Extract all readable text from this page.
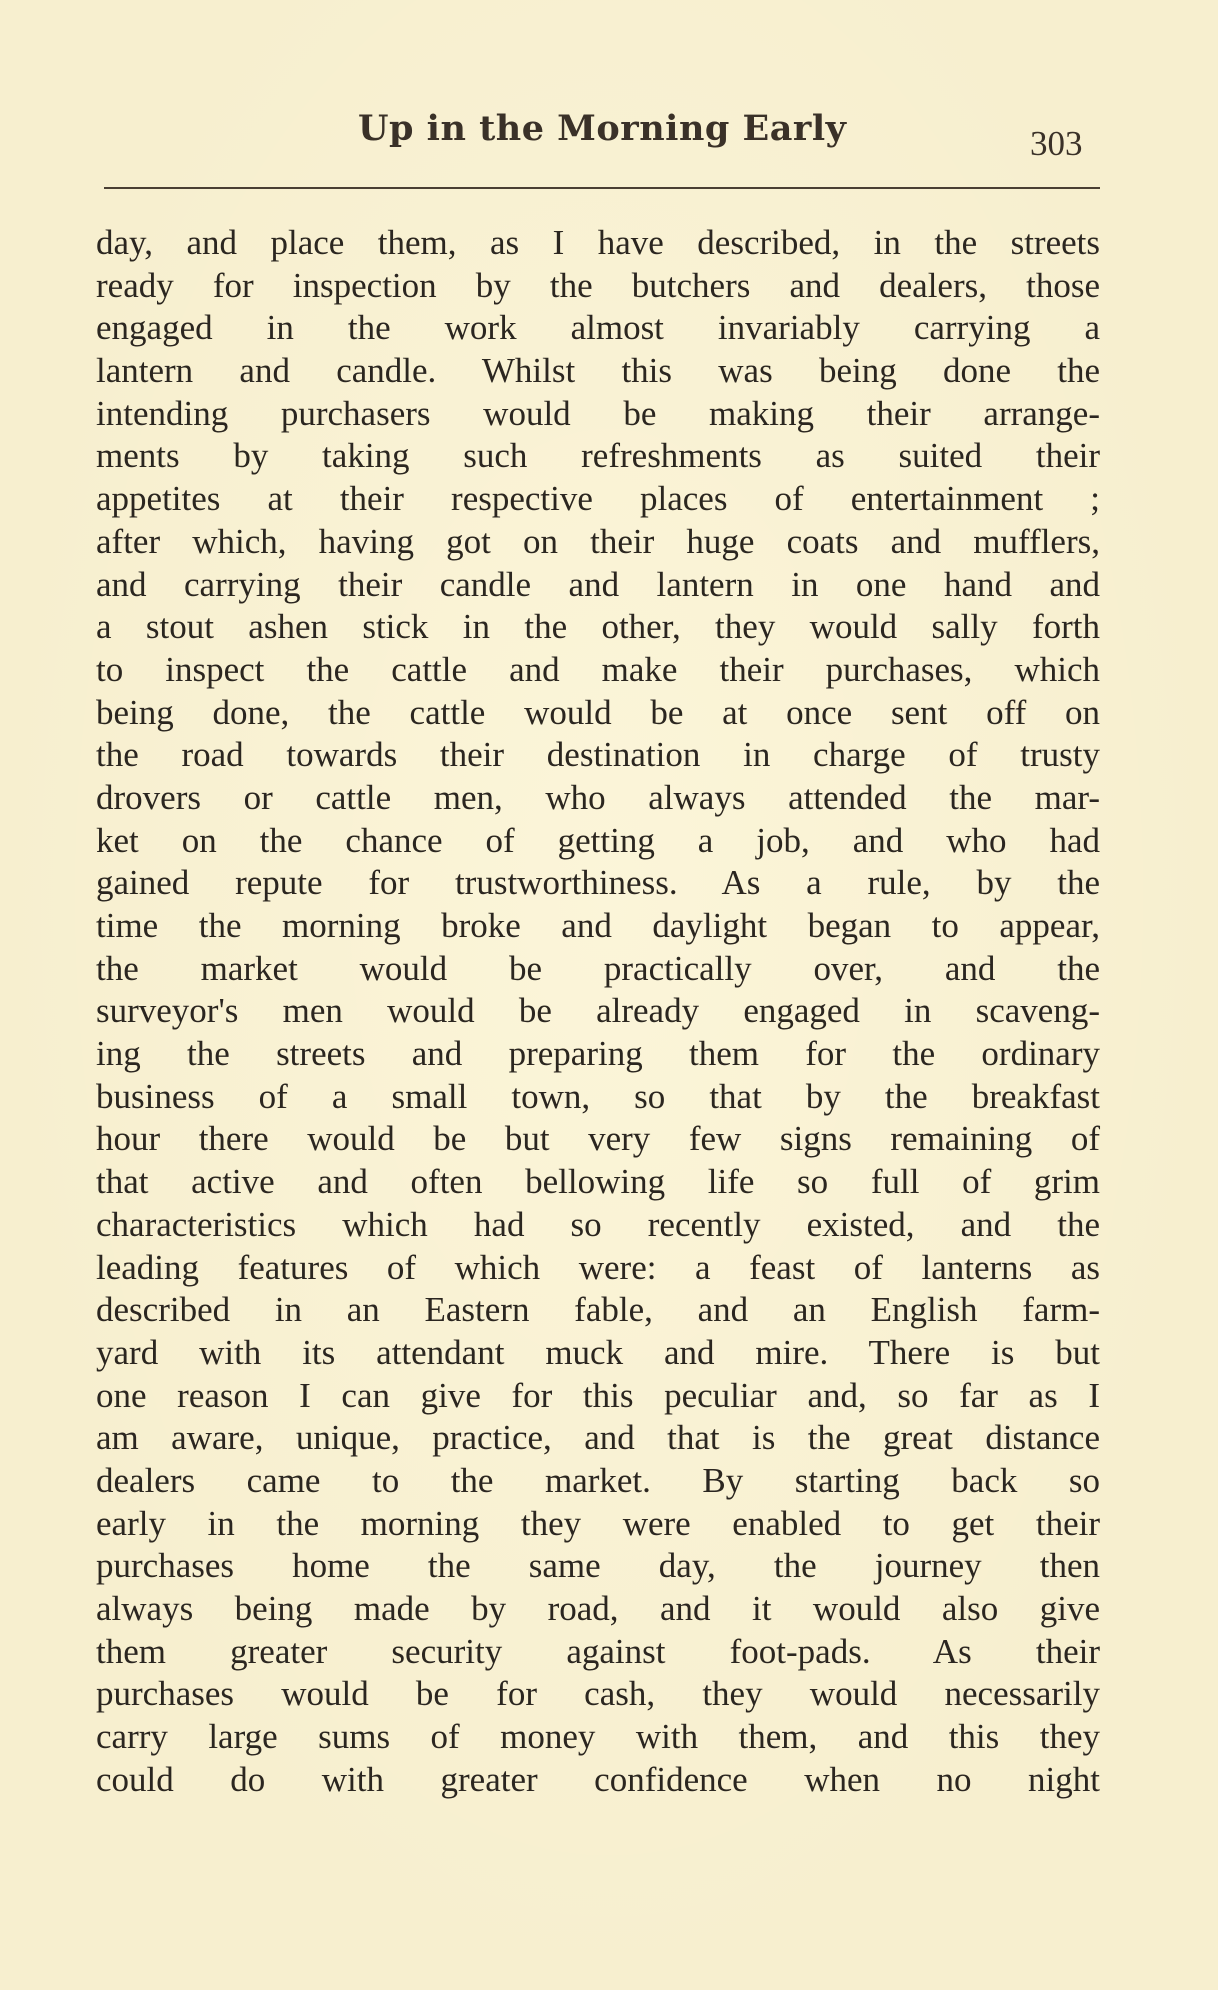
Up in the Morning Early	303
day, and place them, as I have described, in the streets
ready for inspection by the butchers and dealers, those
engaged in the work almost invariably carrying a
lantern and candle. Whilst this was being done the
intending purchasers would be making their arrange-
ments by taking such refreshments as suited their
appetites at their respective places of entertainment ;
after which, having got on their huge coats and mufflers,
and carrying their candle and lantern in one hand and
a stout ashen stick in the other, they would sally forth
to inspect the cattle and make their purchases, which
being done, the cattle would be at once sent off on
the road towards their destination in charge of trusty
drovers or cattle men, who always attended the mar-
ket on the chance of getting a job, and who had
gained repute for trustworthiness. As a rule, by the
time the morning broke and daylight began to appear,
the market would be practically over, and the
surveyor's men would be already engaged in scaveng-
ing the streets and preparing them for the ordinary
business of a small town, so that by the breakfast
hour there would be but very few signs remaining of
that active and often bellowing life so full of grim
characteristics which had so recently existed, and the
leading features of which were: a feast of lanterns as
described in an Eastern fable, and an English farm-
yard with its attendant muck and mire. There is but
one reason I can give for this peculiar and, so far as I
am aware, unique, practice, and that is the great distance
dealers came to the market. By starting back so
early in the morning they were enabled to get their
purchases home the same day, the journey then
always being made by road, and it would also give
them greater security against foot-pads. As their
purchases would be for cash, they would necessarily
carry large sums of money with them, and this they
could do with greater confidence when no night
